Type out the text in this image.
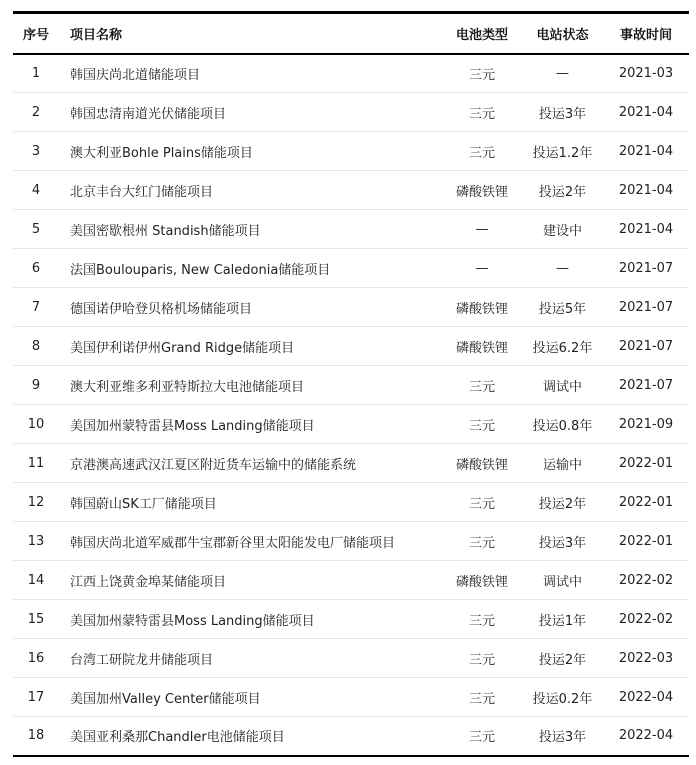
序号	项目名称	电池类型	电站状态	事故时间
1	韩国庆尚北道储能项目	三元	—	2021-03
2	韩国忠清南道光伏储能项目	三元	投运3年	2021-04
3	澳大利亚Bohle Plains储能项目	三元	投运1.2年	2021-04
4	北京丰台大红门储能项目	磷酸铁锂	投运2年	2021-04
5	美国密歇根州 Standish储能项目	—	建设中	2021-04
6	法国Boulouparis, New Caledonia储能项目	—	—	2021-07
7	德国诺伊哈登贝格机场储能项目	磷酸铁锂	投运5年	2021-07
8	美国伊利诺伊州Grand Ridge储能项目	磷酸铁锂	投运6.2年	2021-07
9	澳大利亚维多利亚特斯拉大电池储能项目	三元	调试中	2021-07
10	美国加州蒙特雷县Moss Landing储能项目	三元	投运0.8年	2021-09
11	京港澳高速武汉江夏区附近货车运输中的储能系统	磷酸铁锂	运输中	2022-01
12	韩国蔚山SK工厂储能项目	三元	投运2年	2022-01
13	韩国庆尚北道军威郡牛宝郡新谷里太阳能发电厂储能项目	三元	投运3年	2022-01
14	江西上饶黄金埠某储能项目	磷酸铁锂	调试中	2022-02
15	美国加州蒙特雷县Moss Landing储能项目	三元	投运1年	2022-02
16	台湾工研院龙井储能项目	三元	投运2年	2022-03
17	美国加州Valley Center储能项目	三元	投运0.2年	2022-04
18	美国亚利桑那Chandler电池储能项目	三元	投运3年	2022-04
